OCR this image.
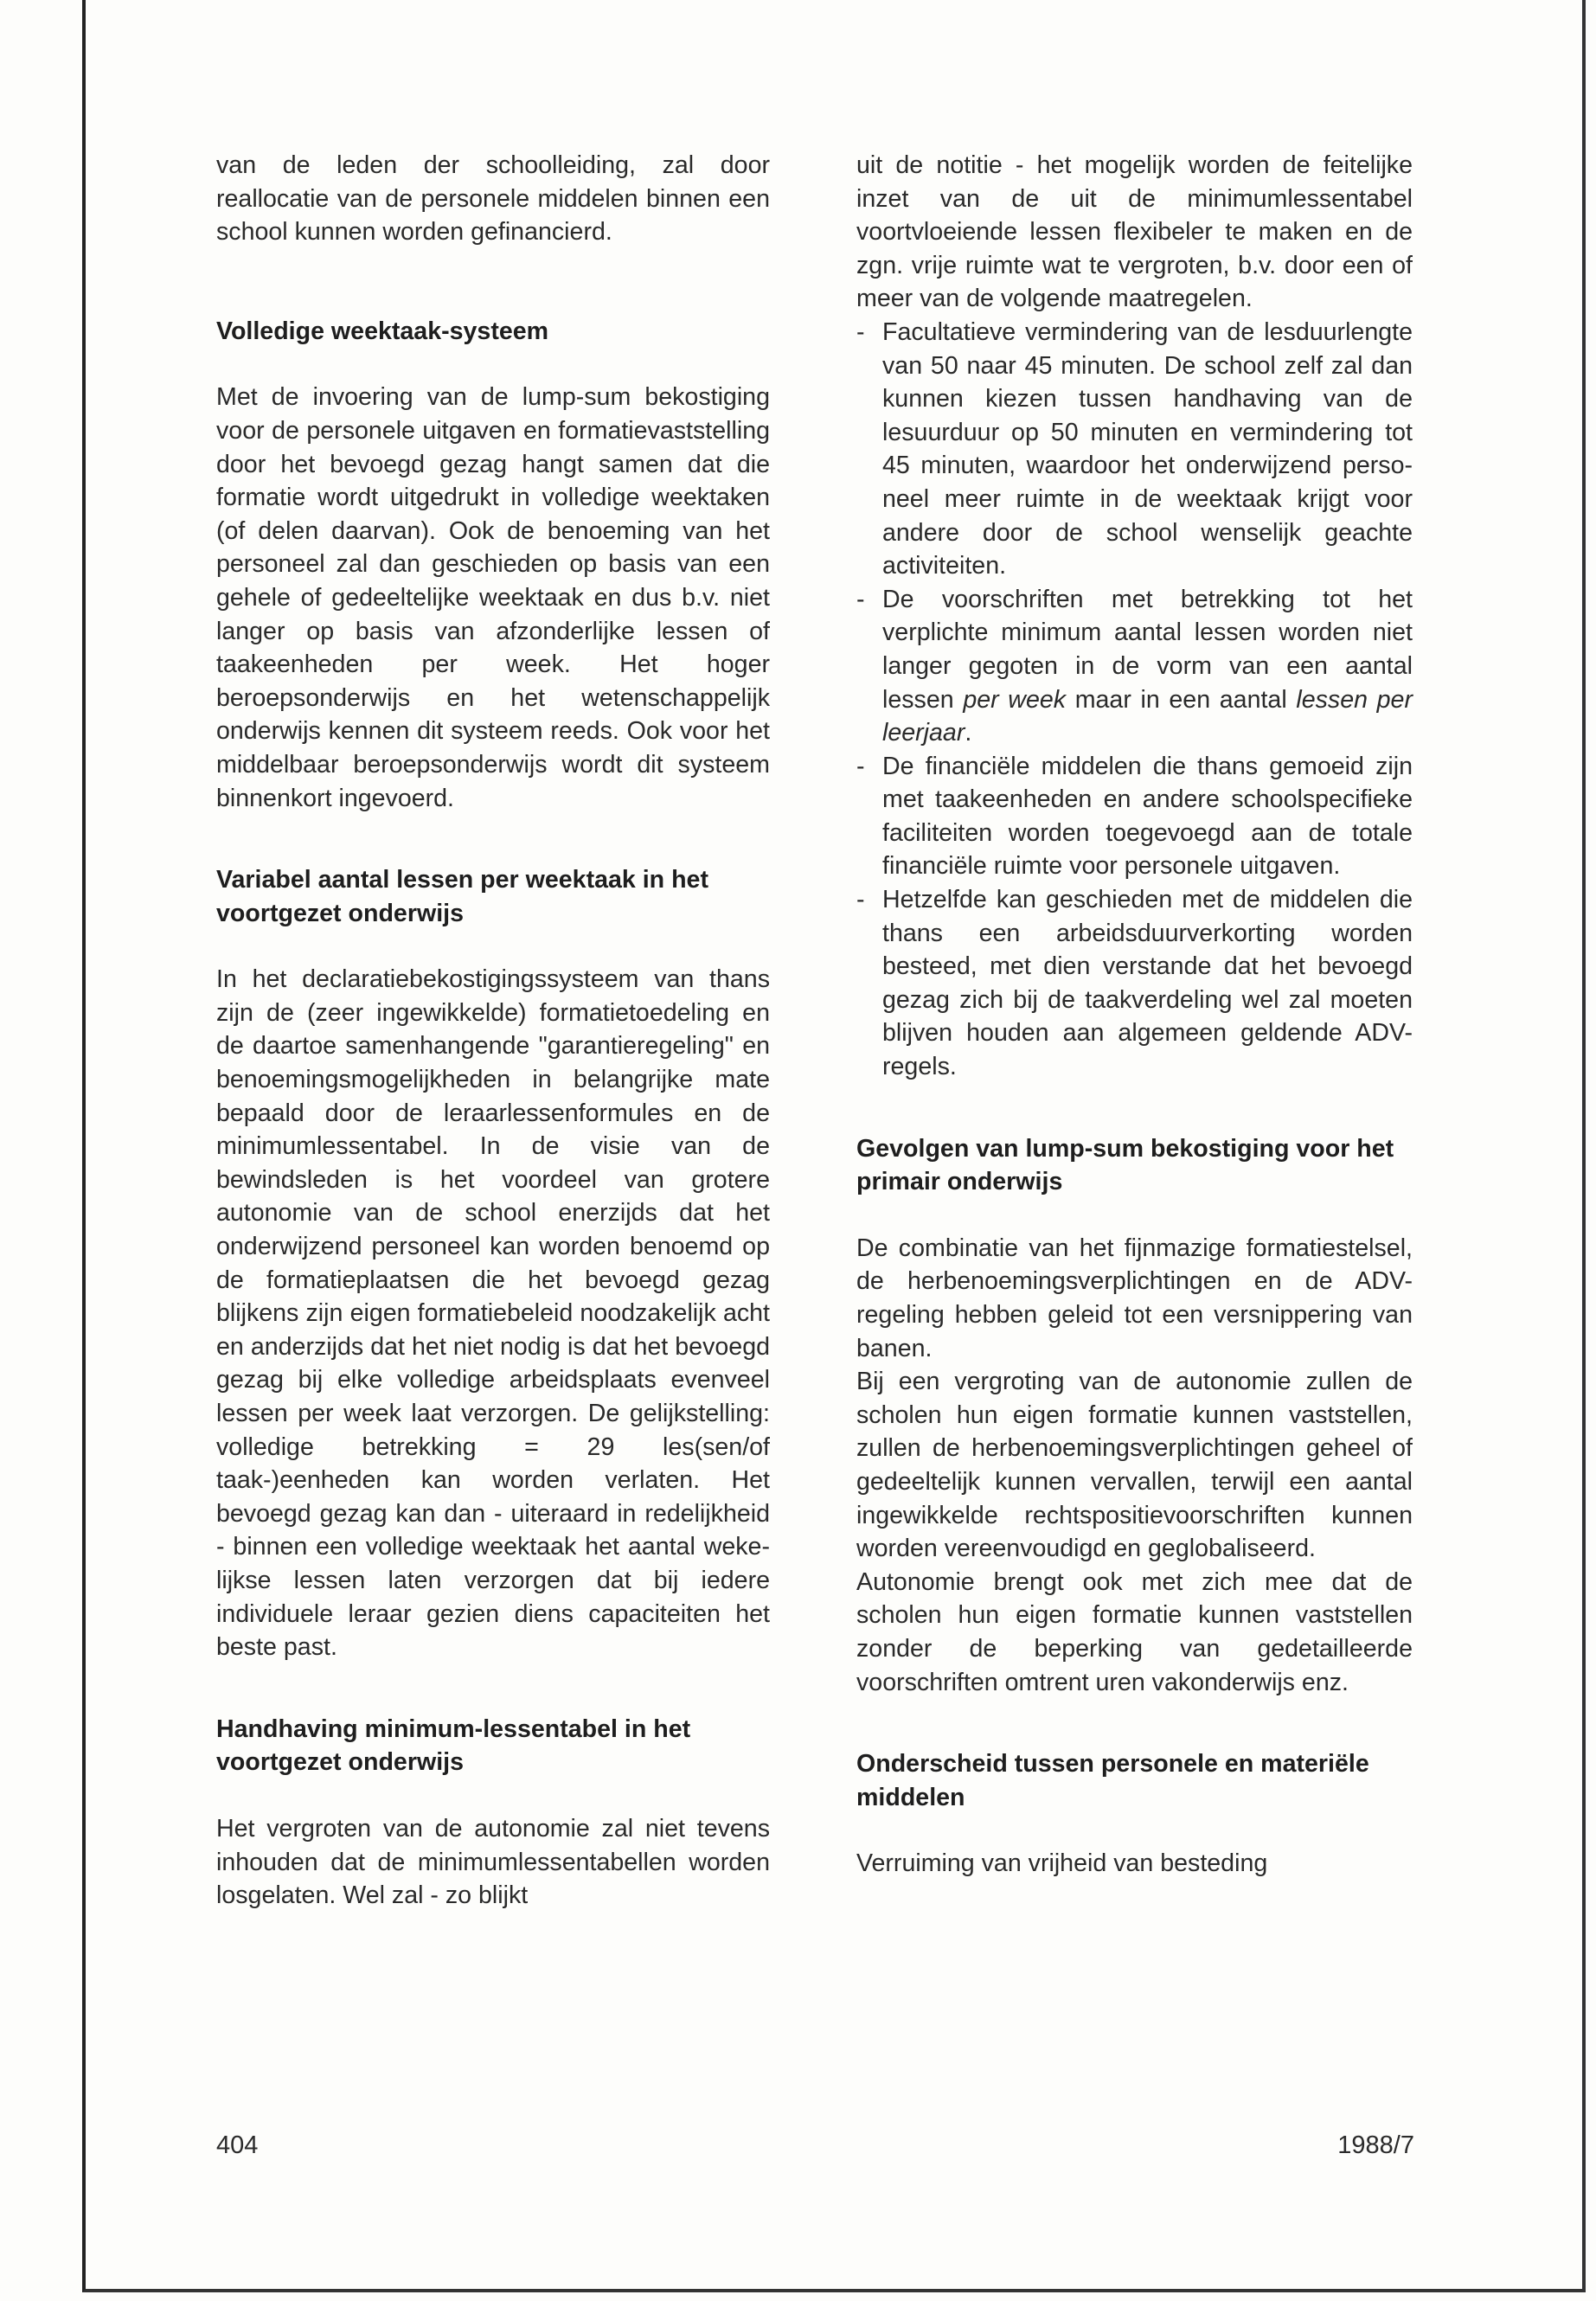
van de leden der schoolleiding, zal door reallocatie van de personele middelen binnen een school kunnen worden gefinancierd.

Volledige weektaak-systeem

Met de invoering van de lump-sum bekostiging voor de personele uitgaven en formatievaststelling door het bevoegd gezag hangt samen dat die formatie wordt uitgedrukt in volledige weektaken (of delen daarvan). Ook de benoeming van het personeel zal dan geschieden op basis van een gehele of gedeeltelijke weektaak en dus b.v. niet langer op basis van afzonderlijke lessen of taakeenheden per week. Het hoger beroepsonderwijs en het wetenschappelijk onderwijs kennen dit systeem reeds. Ook voor het middelbaar beroepsonderwijs wordt dit systeem binnenkort ingevoerd.

Variabel aantal lessen per weektaak in het voortgezet onderwijs

In het declaratiebekostigingssysteem van thans zijn de (zeer ingewikkelde) formatietoedeling en de daartoe samenhangende "garantieregeling" en benoemingsmogelijkheden in belangrijke mate bepaald door de leraarlessenformules en de minimumlessentabel. In de visie van de bewindsleden is het voordeel van grotere autonomie van de school enerzijds dat het onderwijzend personeel kan worden benoemd op de formatieplaatsen die het bevoegd gezag blijkens zijn eigen formatiebeleid noodzakelijk acht en anderzijds dat het niet nodig is dat het bevoegd gezag bij elke volledige arbeidsplaats evenveel lessen per week laat verzorgen. De gelijkstelling: volledige betrekking = 29 les(sen/of taak-)eenheden kan worden verlaten. Het bevoegd gezag kan dan - uiteraard in redelijkheid - binnen een volledige weektaak het aantal wekelijkse lessen laten verzorgen dat bij iedere individuele leraar gezien diens capaciteiten het beste past.

Handhaving minimum-lessentabel in het voortgezet onderwijs

Het vergroten van de autonomie zal niet tevens inhouden dat de minimumlessentabellen worden losgelaten. Wel zal - zo blijkt

uit de notitie - het mogelijk worden de feitelijke inzet van de uit de minimumlessentabel voortvloeiende lessen flexibeler te maken en de zgn. vrije ruimte wat te vergroten, b.v. door een of meer van de volgende maatregelen.

- Facultatieve vermindering van de lesduurlengte van 50 naar 45 minuten. De school zelf zal dan kunnen kiezen tussen handhaving van de lesuurduur op 50 minuten en vermindering tot 45 minuten, waardoor het onderwijzend personeel meer ruimte in de weektaak krijgt voor andere door de school wenselijk geachte activiteiten.
- De voorschriften met betrekking tot het verplichte minimum aantal lessen worden niet langer gegoten in de vorm van een aantal lessen per week maar in een aantal lessen per leerjaar.
- De financiële middelen die thans gemoeid zijn met taakeenheden en andere schoolspecifieke faciliteiten worden toegevoegd aan de totale financiële ruimte voor personele uitgaven.
- Hetzelfde kan geschieden met de middelen die thans een arbeidsduurverkorting worden besteed, met dien verstande dat het bevoegd gezag zich bij de taakverdeling wel zal moeten blijven houden aan algemeen geldende ADV-regels.
Gevolgen van lump-sum bekostiging voor het primair onderwijs

De combinatie van het fijnmazige formatiestelsel, de herbenoemingsverplichtingen en de ADV-regeling hebben geleid tot een versnippering van banen.

Bij een vergroting van de autonomie zullen de scholen hun eigen formatie kunnen vaststellen, zullen de herbenoemingsverplichtingen geheel of gedeeltelijk kunnen vervallen, terwijl een aantal ingewikkelde rechtspositievoorschriften kunnen worden vereenvoudigd en geglobaliseerd.

Autonomie brengt ook met zich mee dat de scholen hun eigen formatie kunnen vaststellen zonder de beperking van gedetailleerde voorschriften omtrent uren vakonderwijs enz.

Onderscheid tussen personele en materiële middelen

Verruiming van vrijheid van besteding

404	1988/7
